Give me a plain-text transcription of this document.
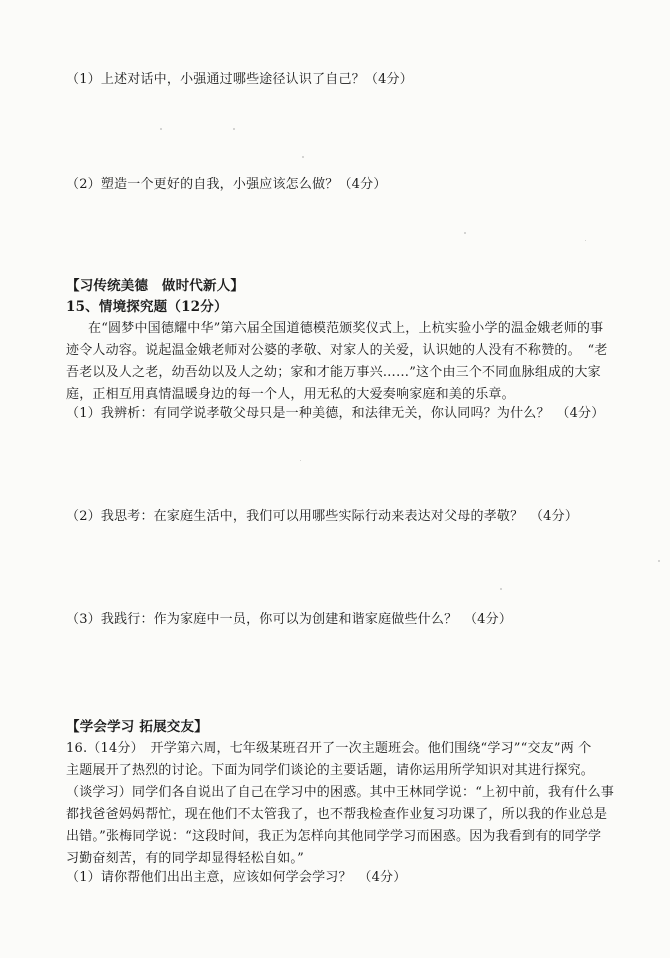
（1）上述对话中，小强通过哪些途径认识了自己？（4分）
（2）塑造一个更好的自我，小强应该怎么做？（4分）
【习传统美德　做时代新人】
15、情境探究题（12分）
在“圆梦中国德耀中华”第六届全国道德模范颁奖仪式上，上杭实验小学的温金娥老师的事
迹令人动容。说起温金娥老师对公婆的孝敬、对家人的关爱，认识她的人没有不称赞的。　“老
吾老以及人之老，幼吾幼以及人之幼；家和才能万事兴……”这个由三个不同血脉组成的大家
庭，正相互用真情温暖身边的每一个人，用无私的大爱奏响家庭和美的乐章。
（1）我辨析：有同学说孝敬父母只是一种美德，和法律无关，你认同吗？为什么？　（4分）
（2）我思考：在家庭生活中，我们可以用哪些实际行动来表达对父母的孝敬？　（4分）
（3）我践行：作为家庭中一员，你可以为创建和谐家庭做些什么？　（4分）
【学会学习 拓展交友】
16.（14分）　开学第六周，七年级某班召开了一次主题班会。他们围绕“学习”“交友”两 个
主题展开了热烈的讨论。下面为同学们谈论的主要话题，请你运用所学知识对其进行探究。
（谈学习）同学们各自说出了自己在学习中的困惑。其中王林同学说：“上初中前，我有什么事
都找爸爸妈妈帮忙，现在他们不太管我了，也不帮我检查作业复习功课了，所以我的作业总是
出错。”张梅同学说：“这段时间，我正为怎样向其他同学学习而困惑。因为我看到有的同学学
习勤奋刻苦，有的同学却显得轻松自如。”
（1）请你帮他们出出主意，应该如何学会学习？　（4分）
